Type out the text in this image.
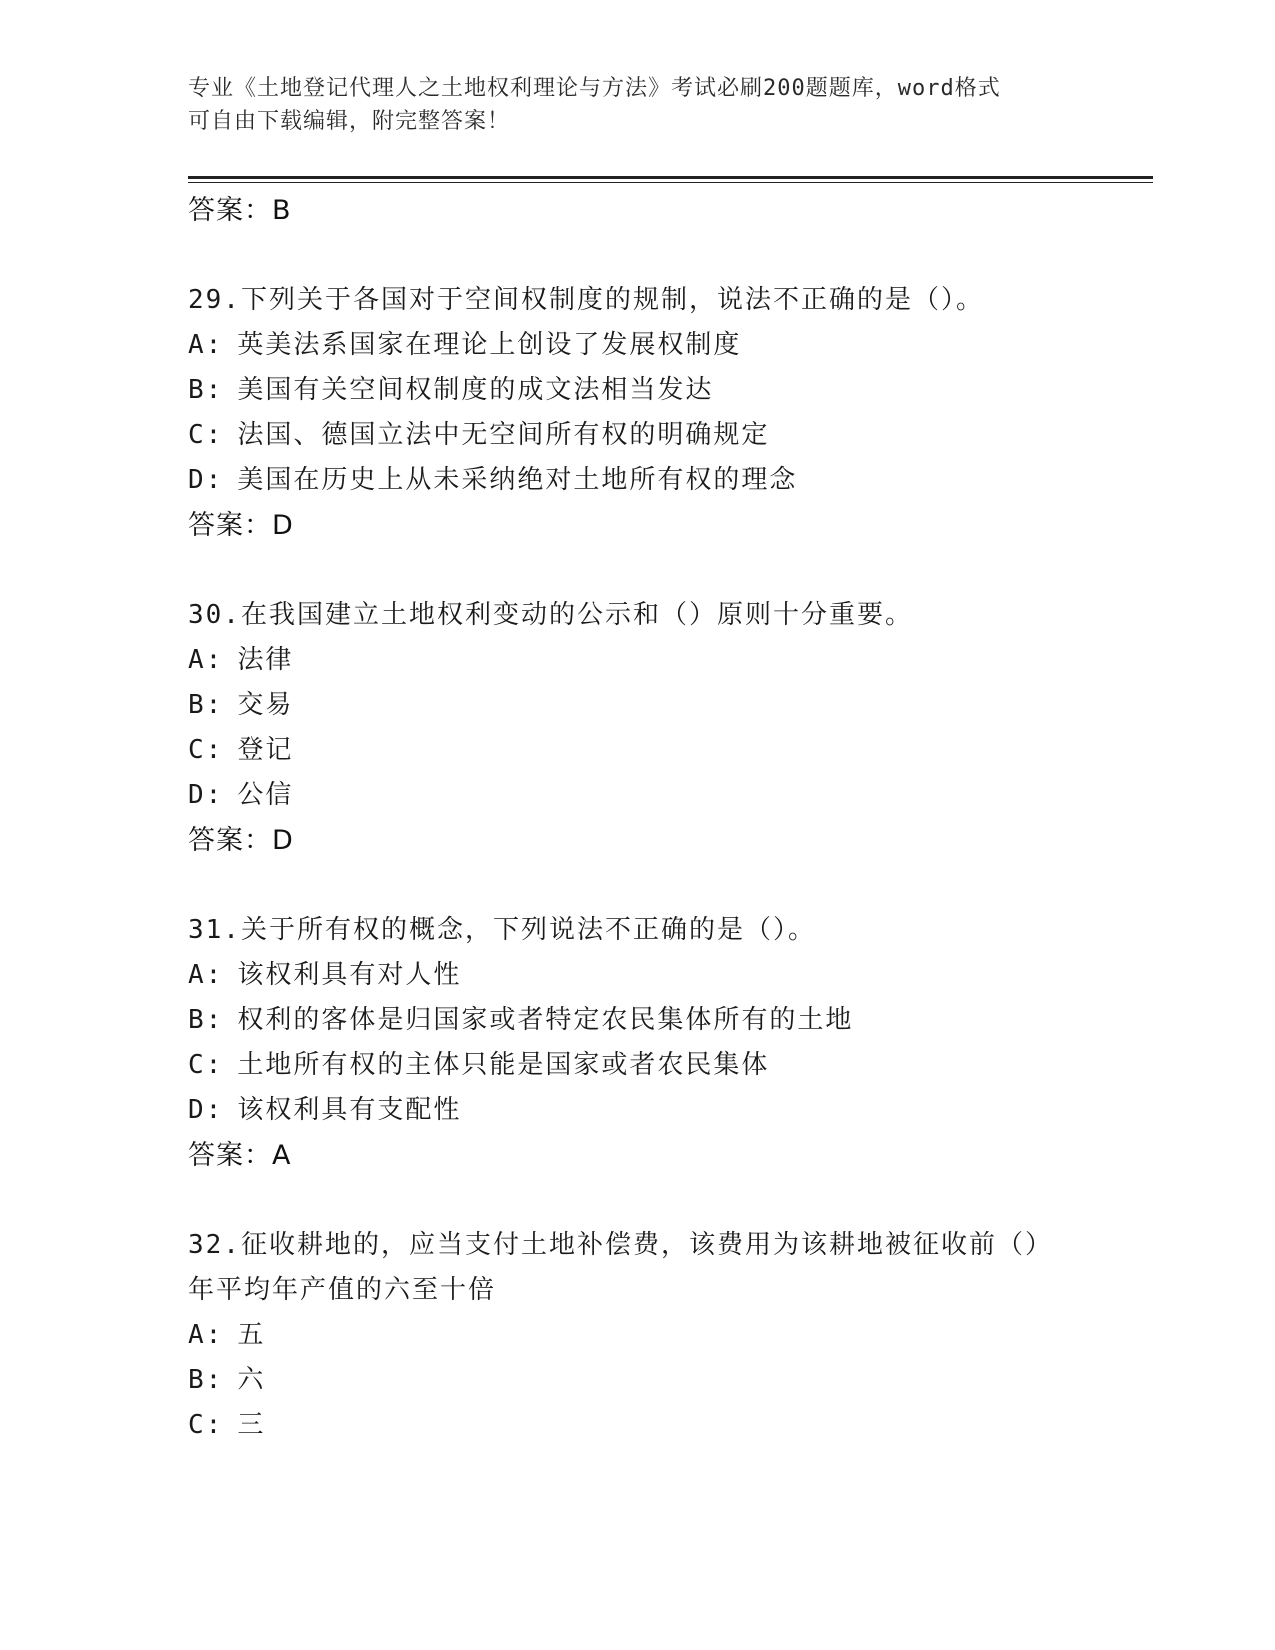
专业《土地登记代理人之土地权利理论与方法》考试必刷200题题库，word格式
可自由下载编辑，附完整答案！
答案：B
29.下列关于各国对于空间权制度的规制，说法不正确的是（）。
A: 英美法系国家在理论上创设了发展权制度
B: 美国有关空间权制度的成文法相当发达
C: 法国、德国立法中无空间所有权的明确规定
D: 美国在历史上从未采纳绝对土地所有权的理念
答案：D
30.在我国建立土地权利变动的公示和（）原则十分重要。
A: 法律
B: 交易
C: 登记
D: 公信
答案：D
31.关于所有权的概念，下列说法不正确的是（）。
A: 该权利具有对人性
B: 权利的客体是归国家或者特定农民集体所有的土地
C: 土地所有权的主体只能是国家或者农民集体
D: 该权利具有支配性
答案：A
32.征收耕地的，应当支付土地补偿费，该费用为该耕地被征收前（）
年平均年产值的六至十倍
A: 五
B: 六
C: 三
